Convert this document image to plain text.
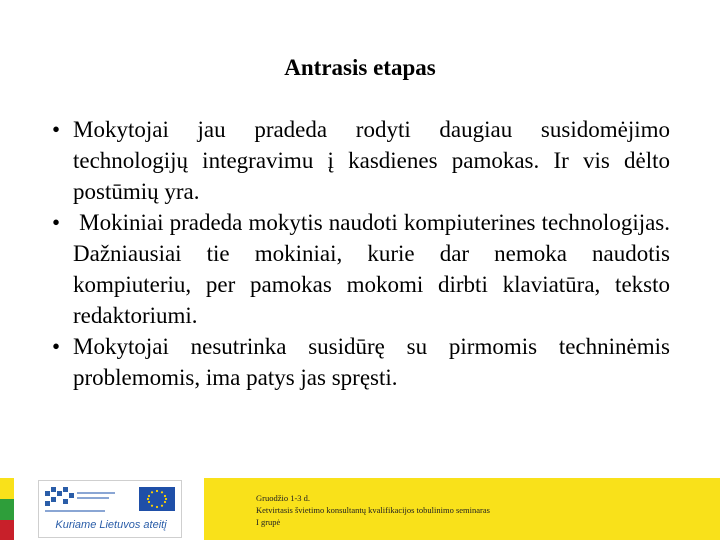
Antrasis etapas
• Mokytojai jau pradeda rodyti daugiau susidomėjimo technologijų integravimu į kasdienes pamokas. Ir vis dėlto postūmių yra.
• Mokiniai pradeda mokytis naudoti kompiuterines technologijas. Dažniausiai tie mokiniai, kurie dar nemoka naudotis kompiuteriu, per pamokas mokomi dirbti klaviatūra, teksto redaktoriumi.
• Mokytojai nesutrinka susidūrę su pirmomis techninėmis problemomis, ima patys jas spręsti.
Kuriame Lietuvos ateitį
Gruodžio 1-3 d.
Ketvirtasis švietimo konsultantų kvalifikacijos tobulinimo seminaras
I grupė
